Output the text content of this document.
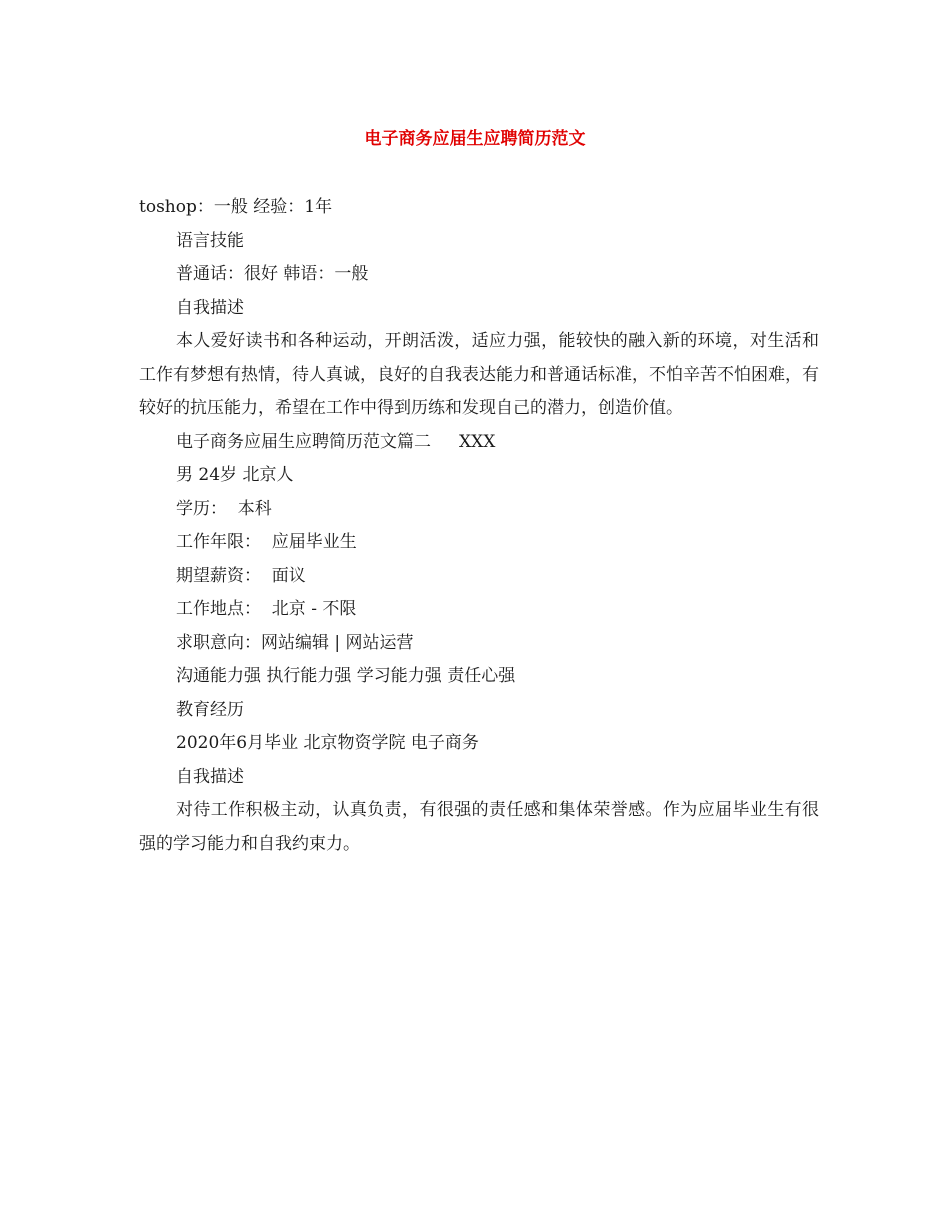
电子商务应届生应聘简历范文

toshop：一般 经验：1年

语言技能

普通话：很好 韩语：一般

自我描述

本人爱好读书和各种运动，开朗活泼，适应力强，能较快的融入新的环境，对生活和工作有梦想有热情，待人真诚，良好的自我表达能力和普通话标准，不怕辛苦不怕困难，有较好的抗压能力，希望在工作中得到历练和发现自己的潜力，创造价值。

电子商务应届生应聘简历范文篇二 XXX

男 24岁 北京人

学历：  本科

工作年限：  应届毕业生

期望薪资：  面议

工作地点：  北京 - 不限

求职意向：网站编辑 | 网站运营

沟通能力强 执行能力强 学习能力强 责任心强

教育经历

2020年6月毕业 北京物资学院 电子商务

自我描述

对待工作积极主动，认真负责，有很强的责任感和集体荣誉感。作为应届毕业生有很强的学习能力和自我约束力。
